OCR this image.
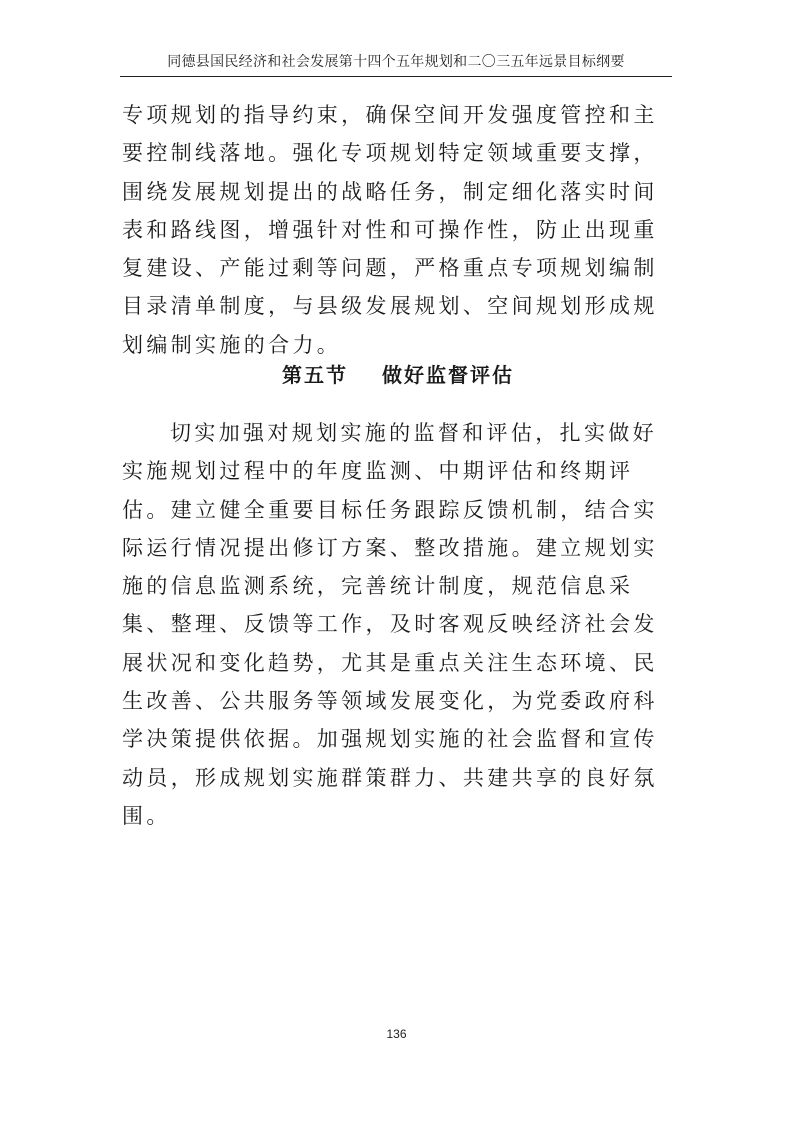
同德县国民经济和社会发展第十四个五年规划和二〇三五年远景目标纲要

专项规划的指导约束，确保空间开发强度管控和主要控制线落地。强化专项规划特定领域重要支撑，围绕发展规划提出的战略任务，制定细化落实时间表和路线图，增强针对性和可操作性，防止出现重复建设、产能过剩等问题，严格重点专项规划编制目录清单制度，与县级发展规划、空间规划形成规划编制实施的合力。

第五节 做好监督评估

切实加强对规划实施的监督和评估，扎实做好实施规划过程中的年度监测、中期评估和终期评估。建立健全重要目标任务跟踪反馈机制，结合实际运行情况提出修订方案、整改措施。建立规划实施的信息监测系统，完善统计制度，规范信息采集、整理、反馈等工作，及时客观反映经济社会发展状况和变化趋势，尤其是重点关注生态环境、民生改善、公共服务等领域发展变化，为党委政府科学决策提供依据。加强规划实施的社会监督和宣传动员，形成规划实施群策群力、共建共享的良好氛围。

136
